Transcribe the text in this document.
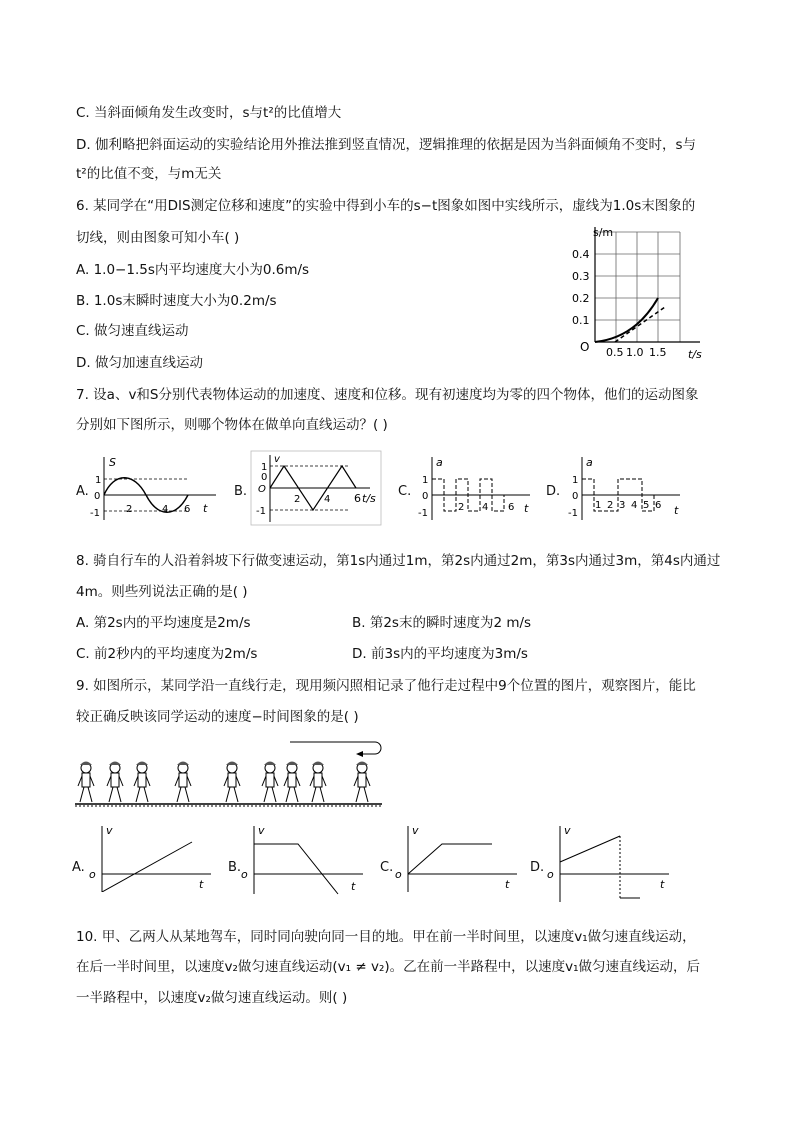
C. 当斜面倾角发生改变时，s与t²的比值增大
D. 伽利略把斜面运动的实验结论用外推法推到竖直情况，逻辑推理的依据是因为当斜面倾角不变时，s与
t²的比值不变，与m无关
6. 某同学在“用DIS测定位移和速度”的实验中得到小车的s−t图象如图中实线所示，虚线为1.0s末图象的
切线，则由图象可知小车( )
A. 1.0−1.5s内平均速度大小为0.6m/s
B. 1.0s末瞬时速度大小为0.2m/s
C. 做匀速直线运动
D. 做匀加速直线运动
s/m
t/s
O
0.4
0.3
0.2
0.1
0.5 1.0 1.5
7. 设a、v和S分别代表物体运动的加速度、速度和位移。现有初速度均为零的四个物体，他们的运动图象
分别如下图所示，则哪个物体在做单向直线运动？( )
A.
S
t
0
1
-1	2	4 6
B.
v
t/s
O
1
0
-1
2 4 6	C.
a
t
1
0
-1
2 4 6
D.
a
t
1
0
-1
1 2 3 4 5 6
8. 骑自行车的人沿着斜坡下行做变速运动，第1s内通过1m，第2s内通过2m，第3s内通过3m，第4s内通过
4m。则些列说法正确的是( )
A. 第2s内的平均速度是2m/s	B. 第2s末的瞬时速度为2 m/s
C. 前2秒内的平均速度为2m/s	D. 前3s内的平均速度为3m/s
9. 如图所示，某同学沿一直线行走，现用频闪照相记录了他行走过程中9个位置的图片，观察图片，能比
较正确反映该同学运动的速度−时间图象的是( )
A.
v
t
o	B.
v
t
o	C.
v
t
o	D.
v
t
o
10. 甲、乙两人从某地驾车，同时同向驶向同一目的地。甲在前一半时间里，以速度v₁做匀速直线运动，
在后一半时间里，以速度v₂做匀速直线运动(v₁ ≠ v₂)。乙在前一半路程中，以速度v₁做匀速直线运动，后
一半路程中，以速度v₂做匀速直线运动。则( )
